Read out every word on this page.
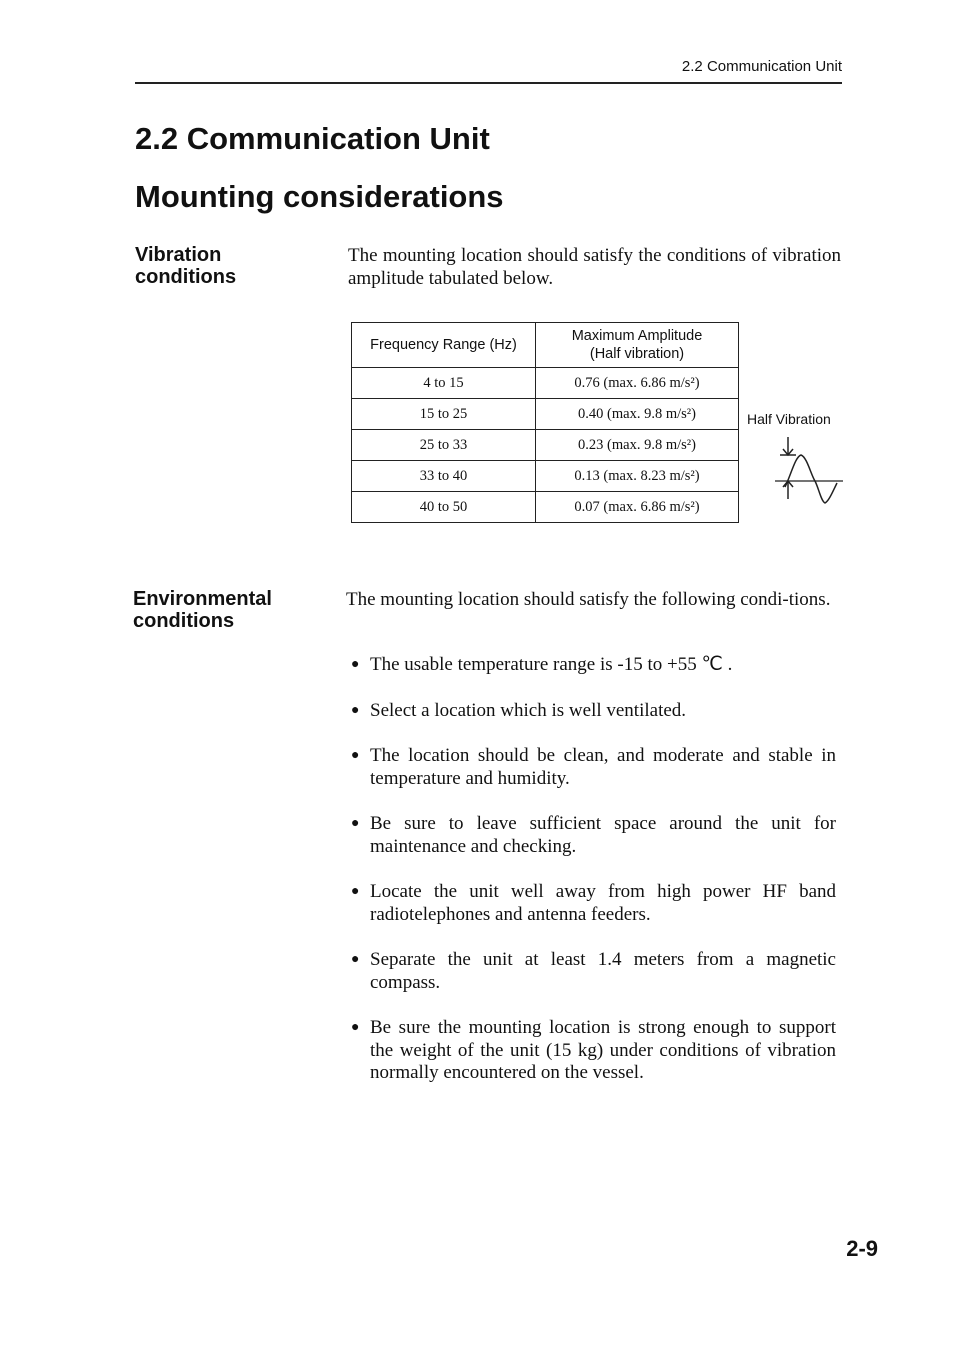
2.2 Communication Unit
2.2 Communication Unit
Mounting considerations
Vibration
conditions

The mounting location should satisfy the conditions of vibration amplitude tabulated below.

Frequency Range (Hz)	Maximum Amplitude
(Half vibration)

4 to 15	0.76 (max. 6.86 m/s²)
15 to 25	0.40 (max. 9.8 m/s²)
25 to 33	0.23 (max. 9.8 m/s²)
33 to 40	0.13 (max. 8.23 m/s²)
40 to 50	0.07 (max. 6.86 m/s²)
Half Vibration
Environmental
conditions

The mounting location should satisfy the following condi-tions.

● The usable temperature range is -15 to +55 ℃ .
● Select a location which is well ventilated.
● The location should be clean, and moderate and stable in temperature and humidity.
● Be sure to leave sufficient space around the unit for maintenance and checking.
● Locate the unit well away from high power HF band radiotelephones and antenna feeders.
● Separate the unit at least 1.4 meters from a magnetic compass.
● Be sure the mounting location is strong enough to support the weight of the unit (15 kg) under conditions of vibration normally encountered on the vessel.
2-9
